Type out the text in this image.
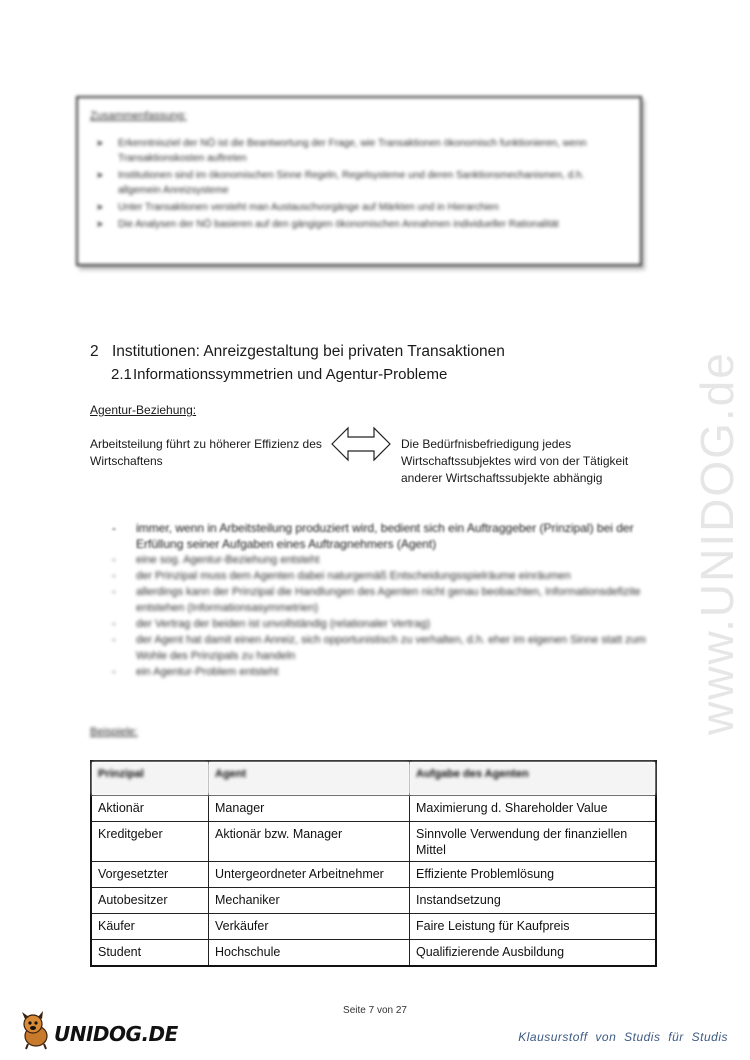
www.UNIDOG.de
Zusammenfassung:
➤ Erkenntnisziel der NÖ ist die Beantwortung der Frage, wie Transaktionen ökonomisch funktionieren, wenn Transaktionskosten auftreten
➤ Institutionen sind im ökonomischen Sinne Regeln, Regelsysteme und deren Sanktionsmechanismen, d.h. allgemein Anreizsysteme
➤ Unter Transaktionen versteht man Austauschvorgänge auf Märkten und in Hierarchien
➤ Die Analysen der NÖ basieren auf den gängigen ökonomischen Annahmen individueller Rationalität
2 Institutionen: Anreizgestaltung bei privaten Transaktionen
2.1Informationssymmetrien und Agentur-Probleme
Agentur-Beziehung:
Arbeitsteilung führt zu höherer Effizienz des Wirtschaftens
Die Bedürfnisbefriedigung jedes Wirtschaftssubjektes wird von der Tätigkeit anderer Wirtschaftssubjekte abhängig
- immer, wenn in Arbeitsteilung produziert wird, bedient sich ein Auftraggeber (Prinzipal) bei der Erfüllung seiner Aufgaben eines Auftragnehmers (Agent)
- eine sog. Agentur-Beziehung entsteht
- der Prinzipal muss dem Agenten dabei naturgemäß Entscheidungsspielräume einräumen
- allerdings kann der Prinzipal die Handlungen des Agenten nicht genau beobachten, Informationsdefizite entstehen (Informationsasymmetrien)
- der Vertrag der beiden ist unvollständig (relationaler Vertrag)
- der Agent hat damit einen Anreiz, sich opportunistisch zu verhalten, d.h. eher im eigenen Sinne statt zum Wohle des Prinzipals zu handeln
- ein Agentur-Problem entsteht
Beispiele:
Prinzipal	Agent	Aufgabe des Agenten
Aktionär	Manager	Maximierung d. Shareholder Value
Kreditgeber	Aktionär bzw. Manager	Sinnvolle Verwendung der finanziellen Mittel
Vorgesetzter	Untergeordneter Arbeitnehmer	Effiziente Problemlösung
Autobesitzer	Mechaniker	Instandsetzung
Käufer	Verkäufer	Faire Leistung für Kaufpreis
Student	Hochschule	Qualifizierende Ausbildung
Seite 7 von 27
UNIDOG.DE	Klausurstoff von Studis für Studis
